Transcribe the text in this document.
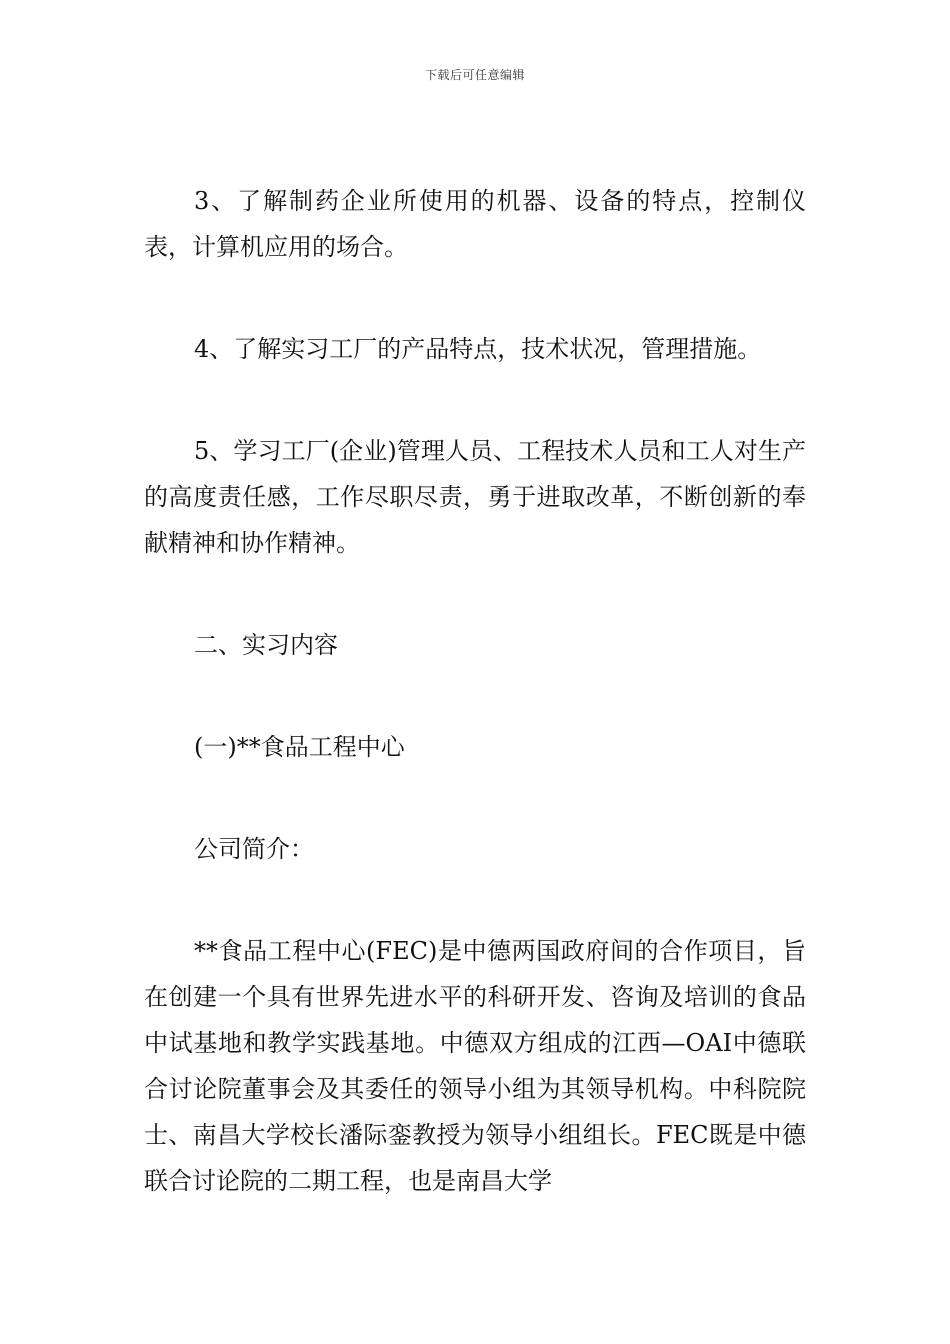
下载后可任意编辑

3、了解制药企业所使用的机器、设备的特点，控制仪表，计算机应用的场合。

4、了解实习工厂的产品特点，技术状况，管理措施。

5、学习工厂(企业)管理人员、工程技术人员和工人对生产的高度责任感，工作尽职尽责，勇于进取改革，不断创新的奉献精神和协作精神。

二、实习内容

(一)**食品工程中心

公司简介：

**食品工程中心(FEC)是中德两国政府间的合作项目，旨在创建一个具有世界先进水平的科研开发、咨询及培训的食品中试基地和教学实践基地。中德双方组成的江西—OAI中德联合讨论院董事会及其委任的领导小组为其领导机构。中科院院士、南昌大学校长潘际銮教授为领导小组组长。FEC既是中德联合讨论院的二期工程，也是南昌大学
